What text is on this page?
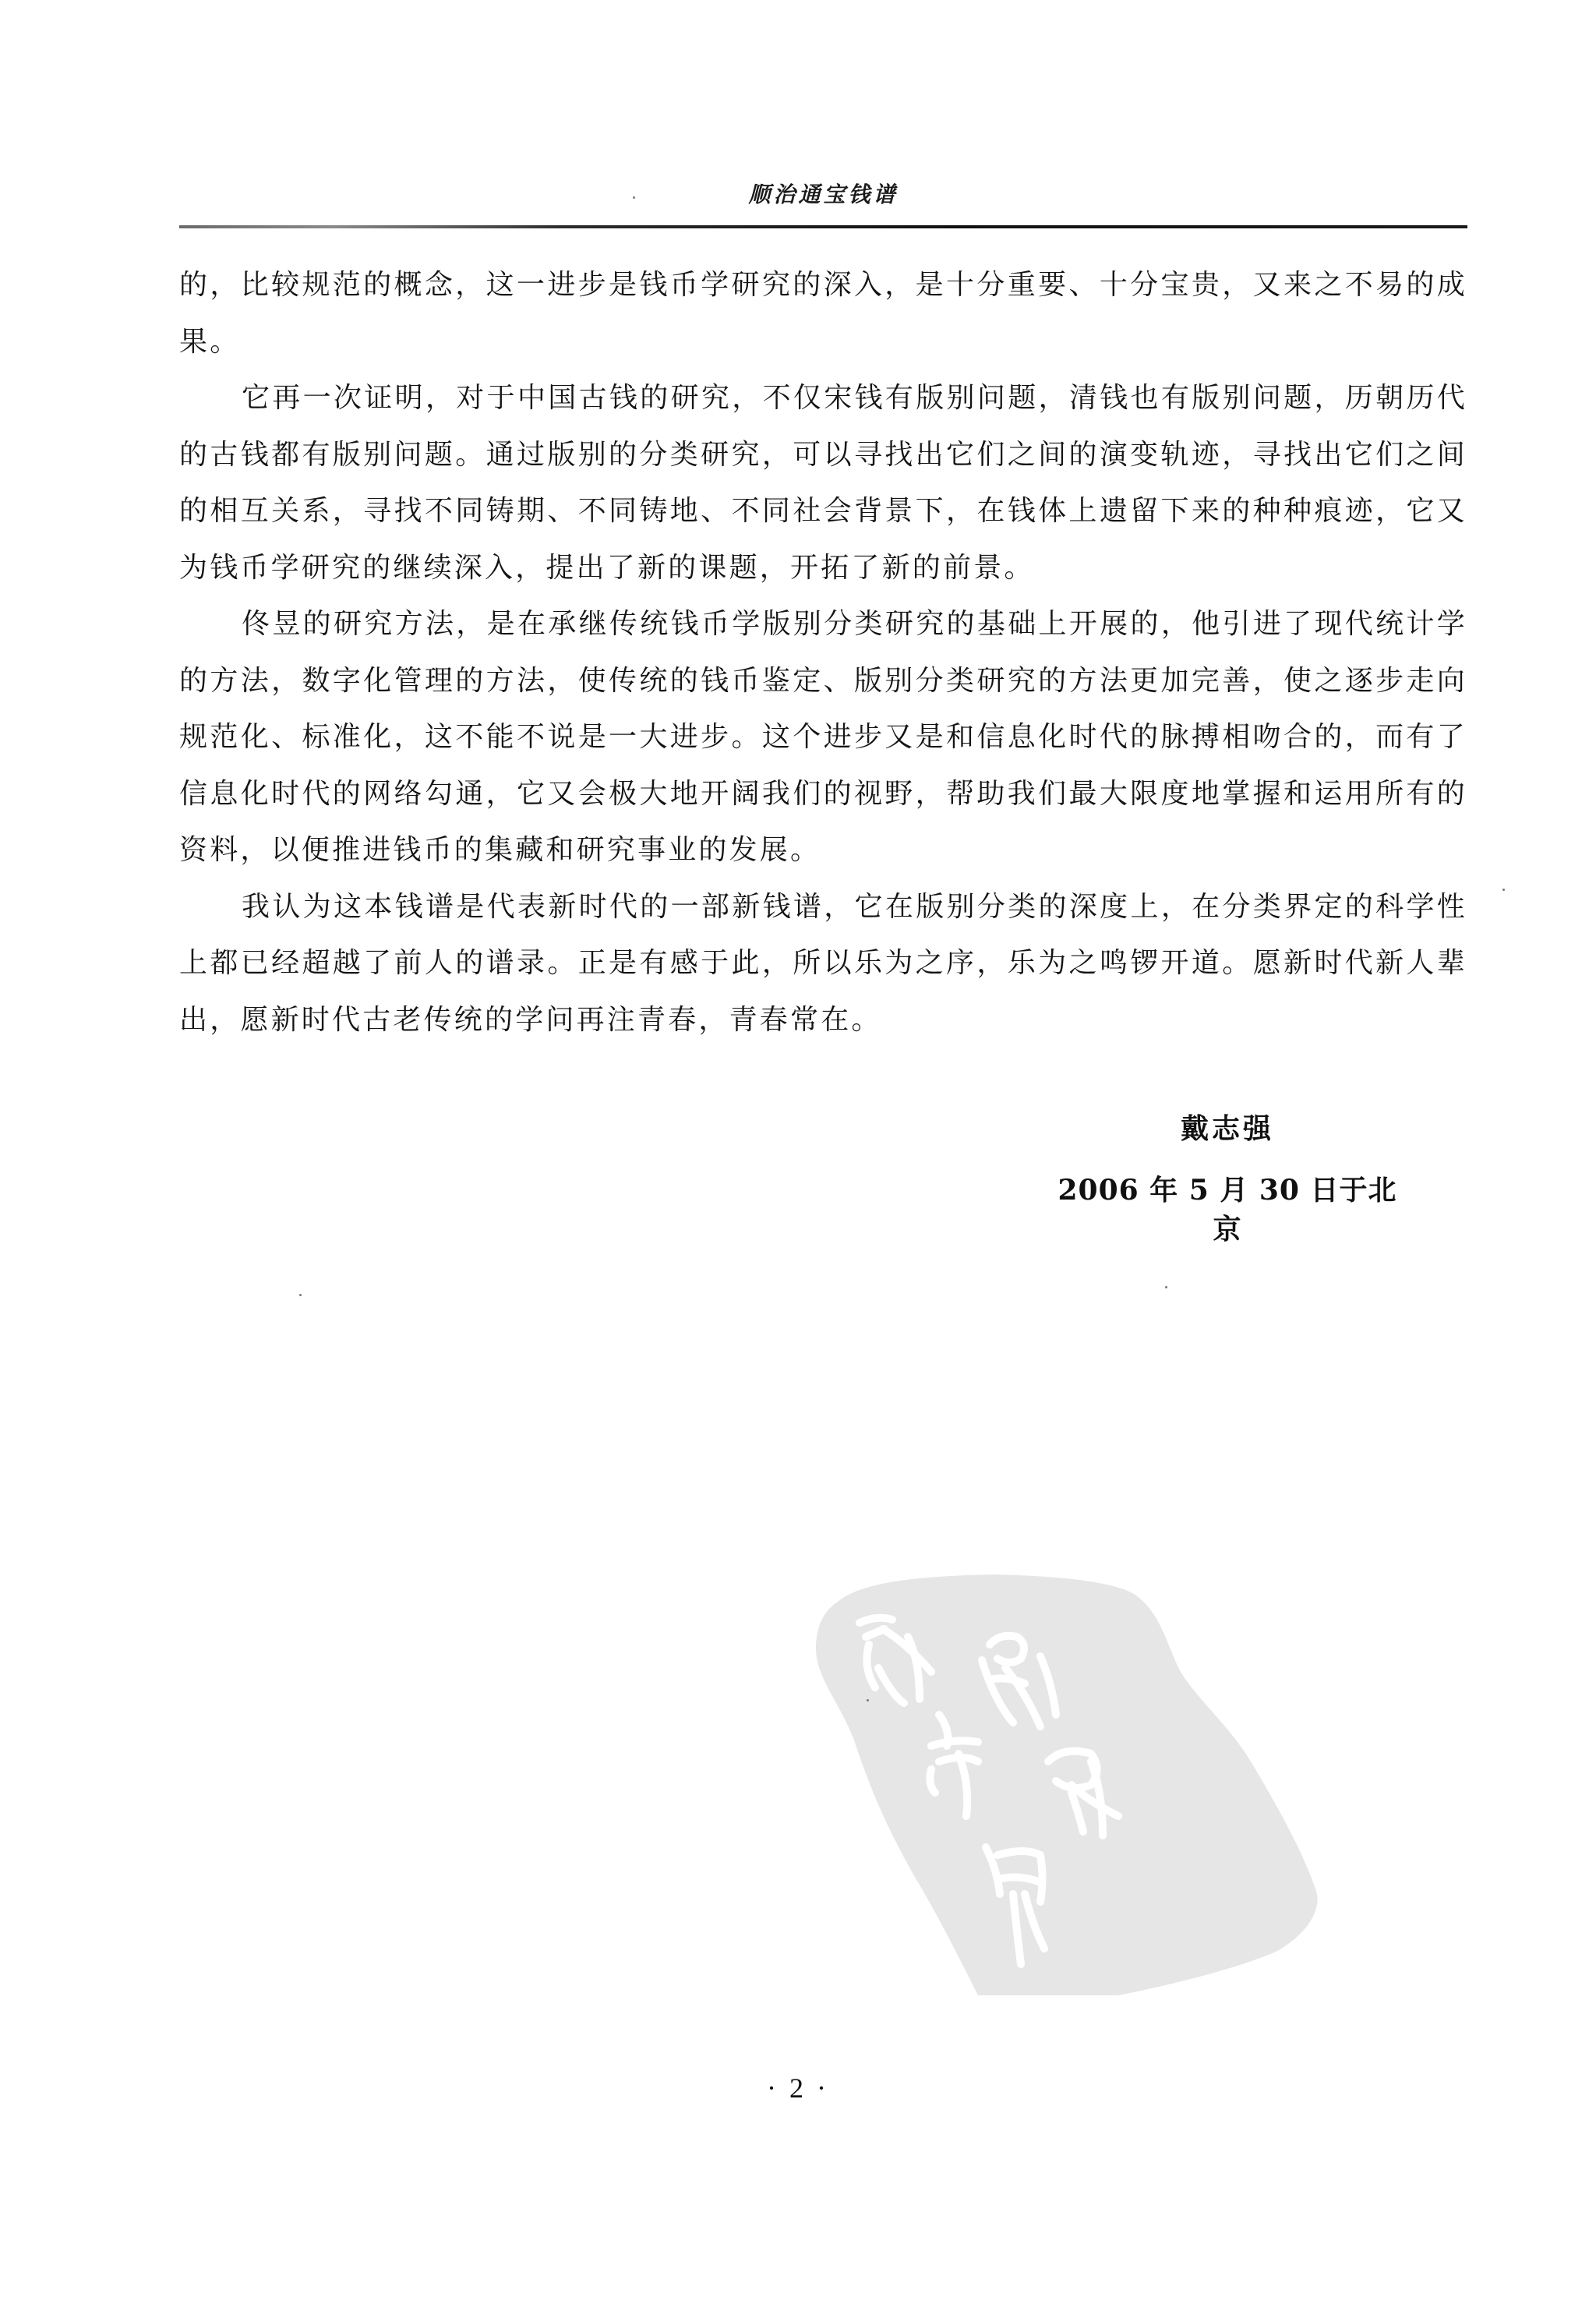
顺治通宝钱谱

的，比较规范的概念，这一进步是钱币学研究的深入，是十分重要、十分宝贵，又来之不易的成果。

它再一次证明，对于中国古钱的研究，不仅宋钱有版别问题，清钱也有版别问题，历朝历代的古钱都有版别问题。通过版别的分类研究，可以寻找出它们之间的演变轨迹，寻找出它们之间的相互关系，寻找不同铸期、不同铸地、不同社会背景下，在钱体上遗留下来的种种痕迹，它又为钱币学研究的继续深入，提出了新的课题，开拓了新的前景。

佟昱的研究方法，是在承继传统钱币学版别分类研究的基础上开展的，他引进了现代统计学的方法，数字化管理的方法，使传统的钱币鉴定、版别分类研究的方法更加完善，使之逐步走向规范化、标准化，这不能不说是一大进步。这个进步又是和信息化时代的脉搏相吻合的，而有了信息化时代的网络勾通，它又会极大地开阔我们的视野，帮助我们最大限度地掌握和运用所有的资料，以便推进钱币的集藏和研究事业的发展。

我认为这本钱谱是代表新时代的一部新钱谱，它在版别分类的深度上，在分类界定的科学性上都已经超越了前人的谱录。正是有感于此，所以乐为之序，乐为之鸣锣开道。愿新时代新人辈出，愿新时代古老传统的学问再注青春，青春常在。

戴志强
2006 年 5 月 30 日于北京
· 2 ·
